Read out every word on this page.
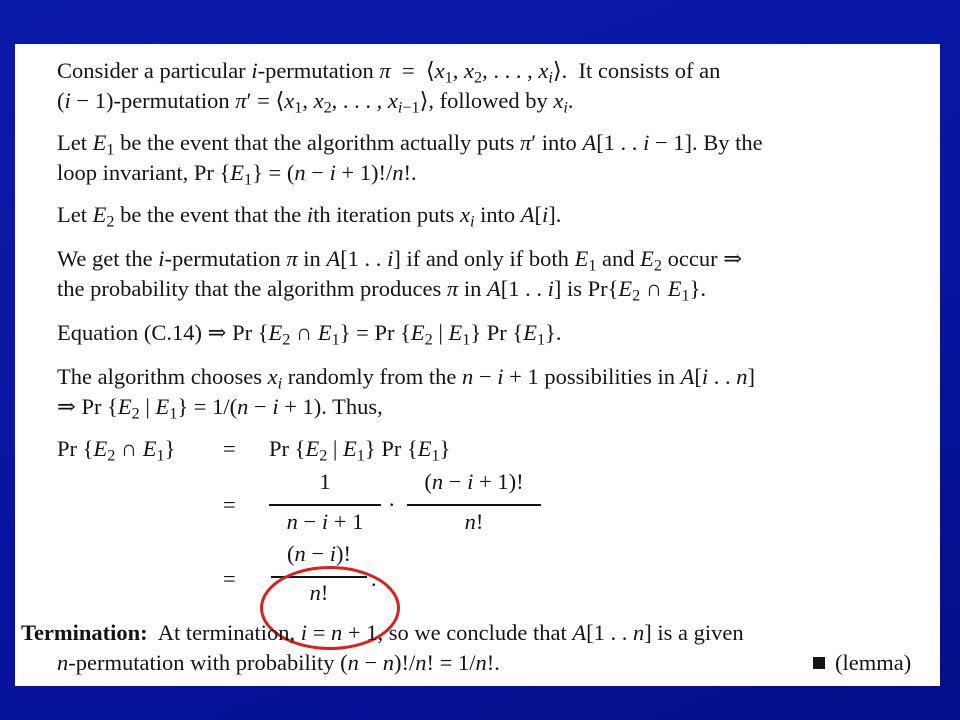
Consider a particular i-permutation $\pi = ⟨x_1$, $x_2$, . . . , $x_i⟩$.  It consists of an

(i − 1)-permutation $\pi' = ⟨x_1$, $x_2$, . . . , $x_{i-1}⟩$, followed by $x_i$.

Let $E_1$ be the event that the algorithm actually puts π′ into A[1 . . i − 1]. By the

loop invariant, Pr $\{E_1\} = (n - i + 1)!/n$!.

Let $E_2$ be the event that the ith iteration puts $x_i$ into A[i].

We get the i-permutation π in A[1 . . i] if and only if both $E_1$ and $E_2$ occur ⇒

the probability that the algorithm produces π in A[1 . . i] is $Pr\{E_2$ ∩ $E_1$}.

Equation (C.14) ⇒ Pr {$E_2$ ∩ $E_1\} = Pr$ {$E_2$ | $E_1$} Pr $\{E_1\}$.

The algorithm chooses $x_i$ randomly from the n − i + 1 possibilities in A[i . . n]

⇒ Pr {$E_2$ | $E_1\} = 1/(n - i + 1)$. Thus,

Pr {$E_2$ ∩ $E_1\} = Pr$ {$E_2$ | $E_1$} Pr $\{E_1\}$

=

1
n − i + 1

·

(n − i + 1)!
n!

=

(n − i)!
n!

.

Termination:  At termination, i = n + 1, so we conclude that A[1 . . n] is a given

n-permutation with probability (n − n)!/n! = 1/n!.	(lemma)
